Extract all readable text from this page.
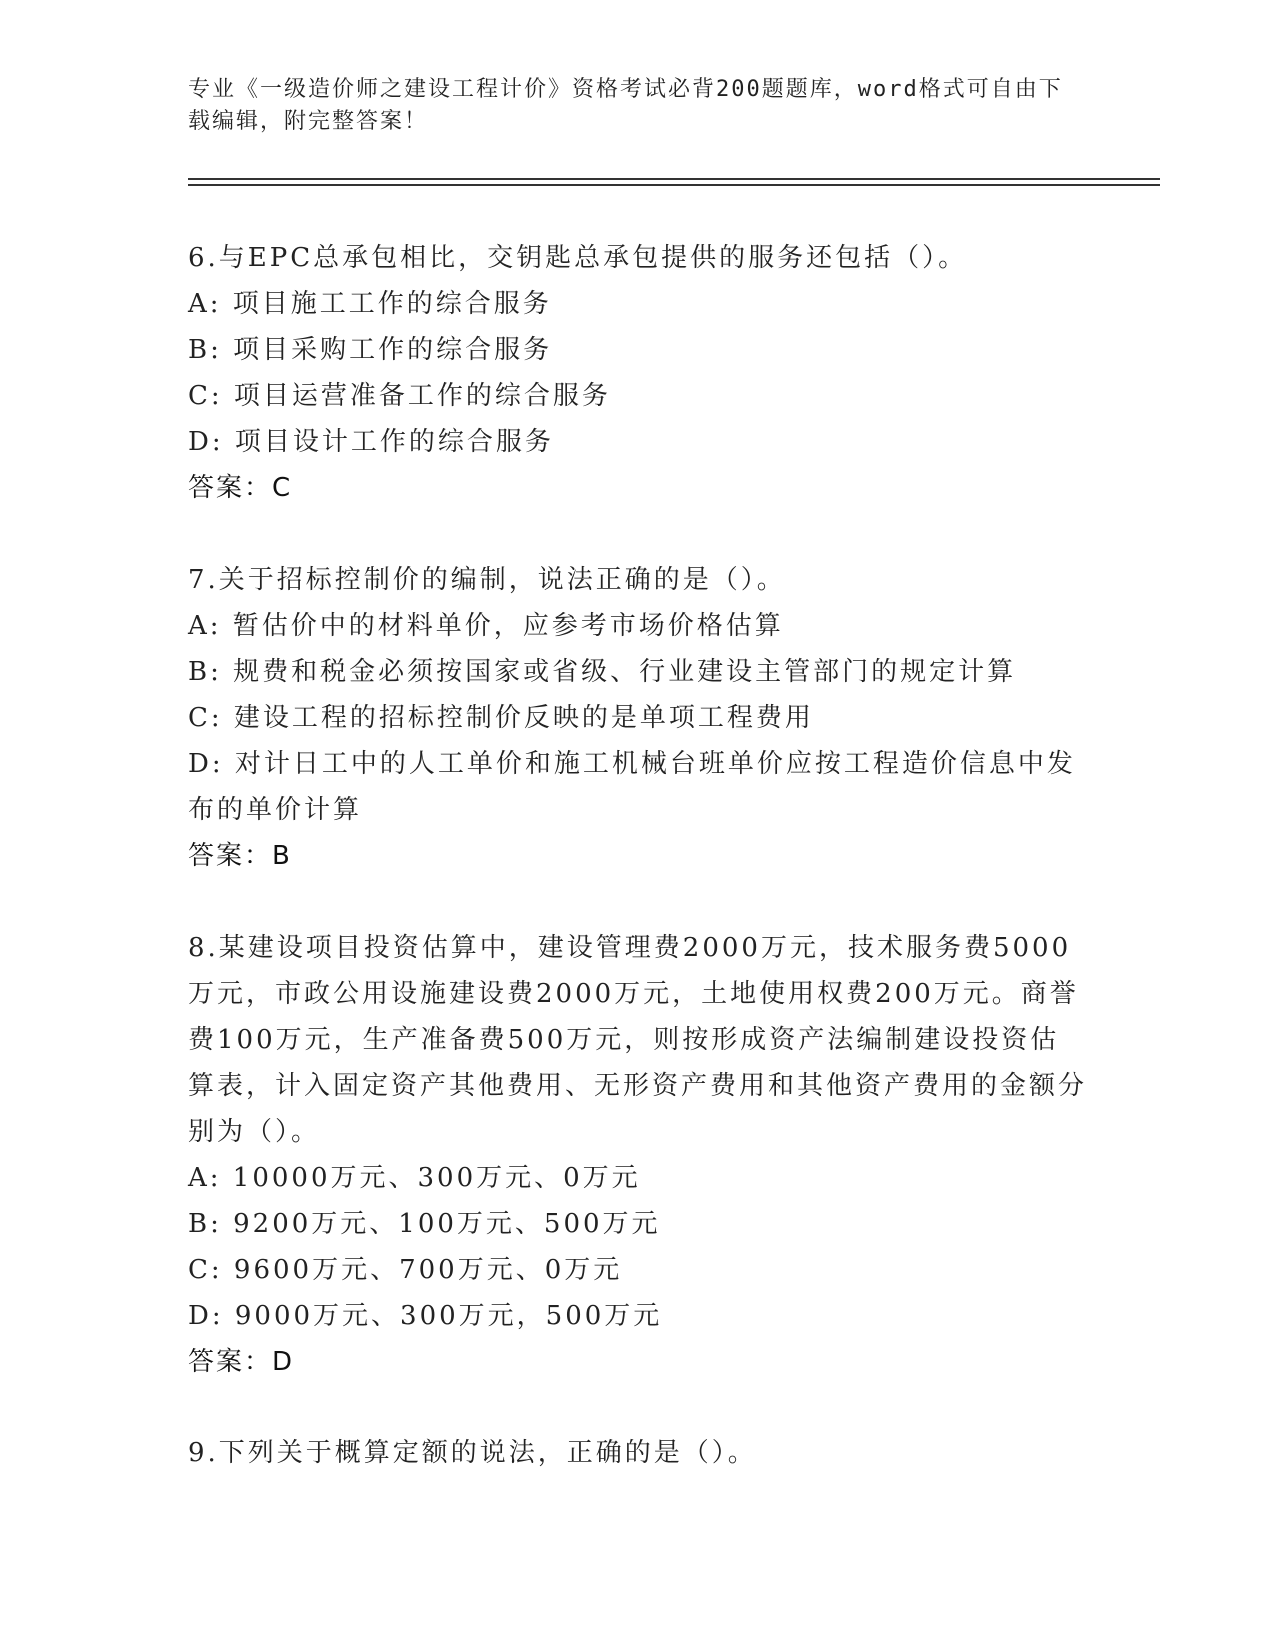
专业《一级造价师之建设工程计价》资格考试必背200题题库，word格式可自由下载编辑，附完整答案！
6.与EPC总承包相比，交钥匙总承包提供的服务还包括（）。
A: 项目施工工作的综合服务
B: 项目采购工作的综合服务
C: 项目运营准备工作的综合服务
D: 项目设计工作的综合服务
答案：C
7.关于招标控制价的编制，说法正确的是（）。
A: 暂估价中的材料单价，应参考市场价格估算
B: 规费和税金必须按国家或省级、行业建设主管部门的规定计算
C: 建设工程的招标控制价反映的是单项工程费用
D: 对计日工中的人工单价和施工机械台班单价应按工程造价信息中发布的单价计算
答案：B
8.某建设项目投资估算中，建设管理费2000万元，技术服务费5000万元，市政公用设施建设费2000万元，土地使用权费200万元。商誉费100万元，生产准备费500万元，则按形成资产法编制建设投资估算表，计入固定资产其他费用、无形资产费用和其他资产费用的金额分别为（）。
A: 10000万元、300万元、0万元
B: 9200万元、100万元、500万元
C: 9600万元、700万元、0万元
D: 9000万元、300万元，500万元
答案：D
9.下列关于概算定额的说法，正确的是（）。
